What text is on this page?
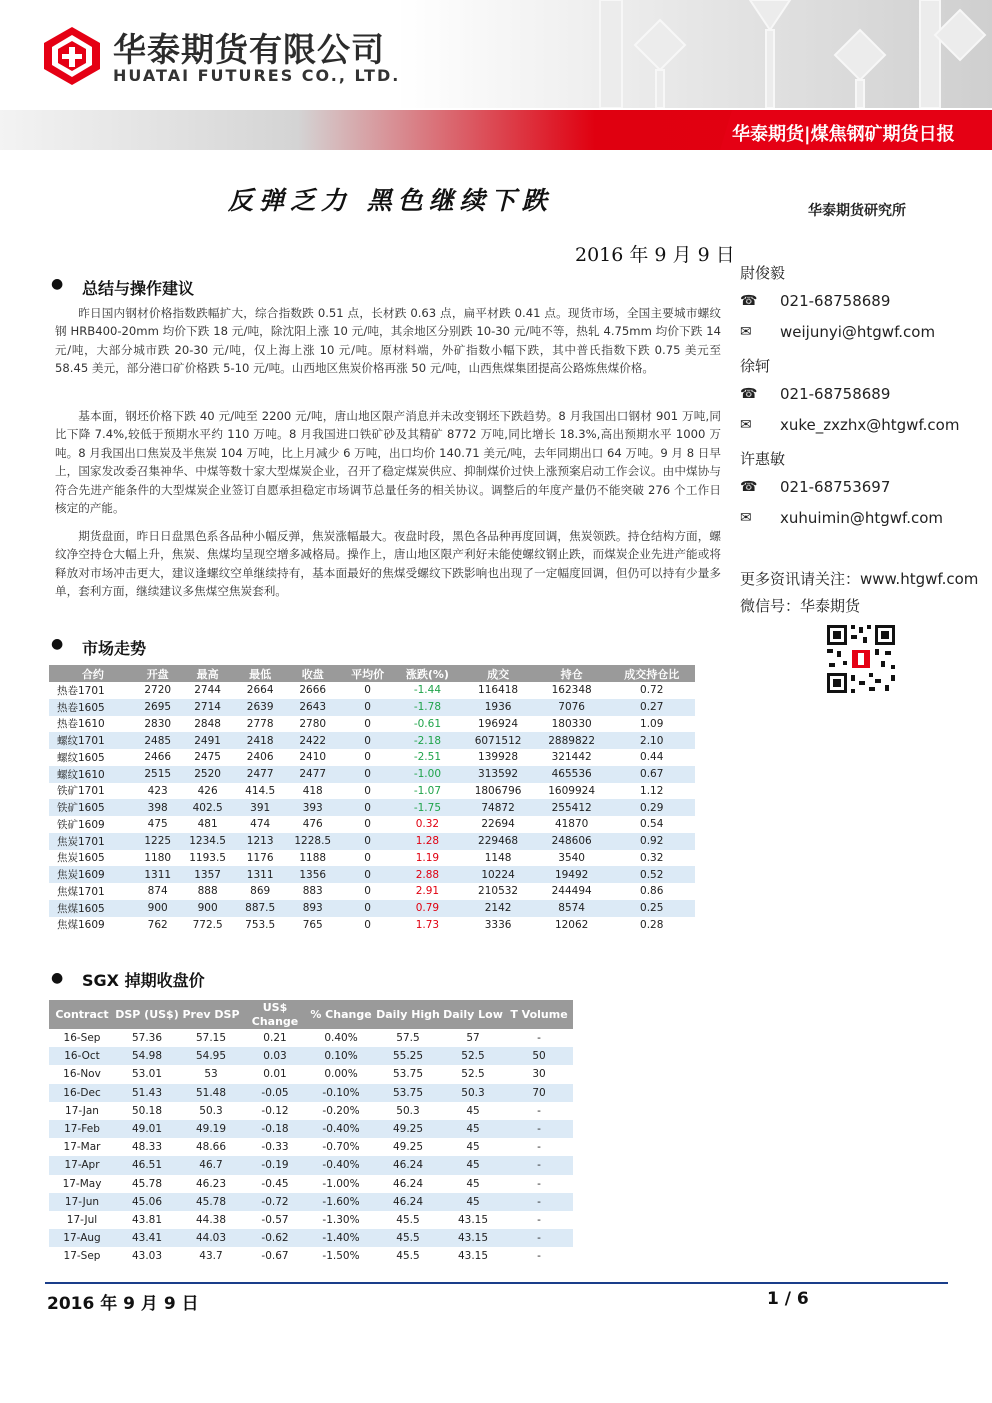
华泰期货有限公司
HUATAI FUTURES CO., LTD.
华泰期货|煤焦钢矿期货日报
反弹乏力 黑色继续下跌	华泰期货研究所
2016 年 9 月 9 日
● 总结与操作建议

昨日国内钢材价格指数跌幅扩大，综合指数跌 0.51 点，长材跌 0.63 点，扁平材跌 0.41 点。现货市场，全国主要城市螺纹钢 HRB400-20mm 均价下跌 18 元/吨，除沈阳上涨 10 元/吨，其余地区分别跌 10-30 元/吨不等，热轧 4.75mm 均价下跌 14 元/吨，大部分城市跌 20-30 元/吨，仅上海上涨 10 元/吨。原材料端，外矿指数小幅下跌，其中普氏指数下跌 0.75 美元至 58.45 美元，部分港口矿价格跌 5-10 元/吨。山西地区焦炭价格再涨 50 元/吨，山西焦煤集团提高公路炼焦煤价格。

基本面，钢坯价格下跌 40 元/吨至 2200 元/吨，唐山地区限产消息并未改变钢坯下跌趋势。8 月我国出口钢材 901 万吨,同比下降 7.4%,较低于预期水平约 110 万吨。8 月我国进口铁矿砂及其精矿 8772 万吨,同比增长 18.3%,高出预期水平 1000 万吨。8 月我国出口焦炭及半焦炭 104 万吨，比上月减少 6 万吨，出口均价 140.71 美元/吨，去年同期出口 64 万吨。9 月 8 日早上，国家发改委召集神华、中煤等数十家大型煤炭企业，召开了稳定煤炭供应、抑制煤价过快上涨预案启动工作会议。由中煤协与符合先进产能条件的大型煤炭企业签订自愿承担稳定市场调节总量任务的相关协议。调整后的年度产量仍不能突破 276 个工作日核定的产能。

期货盘面，昨日日盘黑色系各品种小幅反弹，焦炭涨幅最大。夜盘时段，黑色各品种再度回调，焦炭领跌。持仓结构方面，螺纹净空持仓大幅上升，焦炭、焦煤均呈现空增多减格局。操作上，唐山地区限产利好未能使螺纹钢止跌，而煤炭企业先进产能或将释放对市场冲击更大，建议逢螺纹空单继续持有，基本面最好的焦煤受螺纹下跌影响也出现了一定幅度回调，但仍可以持有少量多单，套利方面，继续建议多焦煤空焦炭套利。

尉俊毅
☎ 021-68758689
✉ weijunyi@htgwf.com
徐轲
☎ 021-68758689
✉ xuke_zxzhx@htgwf.com
许惠敏
☎ 021-68753697
✉ xuhuimin@htgwf.com
更多资讯请关注：www.htgwf.com
微信号：华泰期货
● 市场走势
合约	开盘	最高	最低	收盘	平均价	涨跌(%)	成交	持仓	成交持仓比
热卷1701	2720	2744	2664	2666	0	-1.44	116418	162348	0.72
热卷1605	2695	2714	2639	2643	0	-1.78	1936	7076	0.27
热卷1610	2830	2848	2778	2780	0	-0.61	196924	180330	1.09
螺纹1701	2485	2491	2418	2422	0	-2.18	6071512	2889822	2.10
螺纹1605	2466	2475	2406	2410	0	-2.51	139928	321442	0.44
螺纹1610	2515	2520	2477	2477	0	-1.00	313592	465536	0.67
铁矿1701	423	426	414.5	418	0	-1.07	1806796	1609924	1.12
铁矿1605	398	402.5	391	393	0	-1.75	74872	255412	0.29
铁矿1609	475	481	474	476	0	0.32	22694	41870	0.54
焦炭1701	1225	1234.5	1213	1228.5	0	1.28	229468	248606	0.92
焦炭1605	1180	1193.5	1176	1188	0	1.19	1148	3540	0.32
焦炭1609	1311	1357	1311	1356	0	2.88	10224	19492	0.52
焦煤1701	874	888	869	883	0	2.91	210532	244494	0.86
焦煤1605	900	900	887.5	893	0	0.79	2142	8574	0.25
焦煤1609	762	772.5	753.5	765	0	1.73	3336	12062	0.28
● SGX 掉期收盘价
Contract	DSP (US$)	Prev DSP	US$ Change	% Change	Daily High	Daily Low	T Volume
16-Sep	57.36	57.15	0.21	0.40%	57.5	57	-
16-Oct	54.98	54.95	0.03	0.10%	55.25	52.5	50
16-Nov	53.01	53	0.01	0.00%	53.75	52.5	30
16-Dec	51.43	51.48	-0.05	-0.10%	53.75	50.3	70
17-Jan	50.18	50.3	-0.12	-0.20%	50.3	45	-
17-Feb	49.01	49.19	-0.18	-0.40%	49.25	45	-
17-Mar	48.33	48.66	-0.33	-0.70%	49.25	45	-
17-Apr	46.51	46.7	-0.19	-0.40%	46.24	45	-
17-May	45.78	46.23	-0.45	-1.00%	46.24	45	-
17-Jun	45.06	45.78	-0.72	-1.60%	46.24	45	-
17-Jul	43.81	44.38	-0.57	-1.30%	45.5	43.15	-
17-Aug	43.41	44.03	-0.62	-1.40%	45.5	43.15	-
17-Sep	43.03	43.7	-0.67	-1.50%	45.5	43.15	-
2016 年 9 月 9 日	1 / 6
